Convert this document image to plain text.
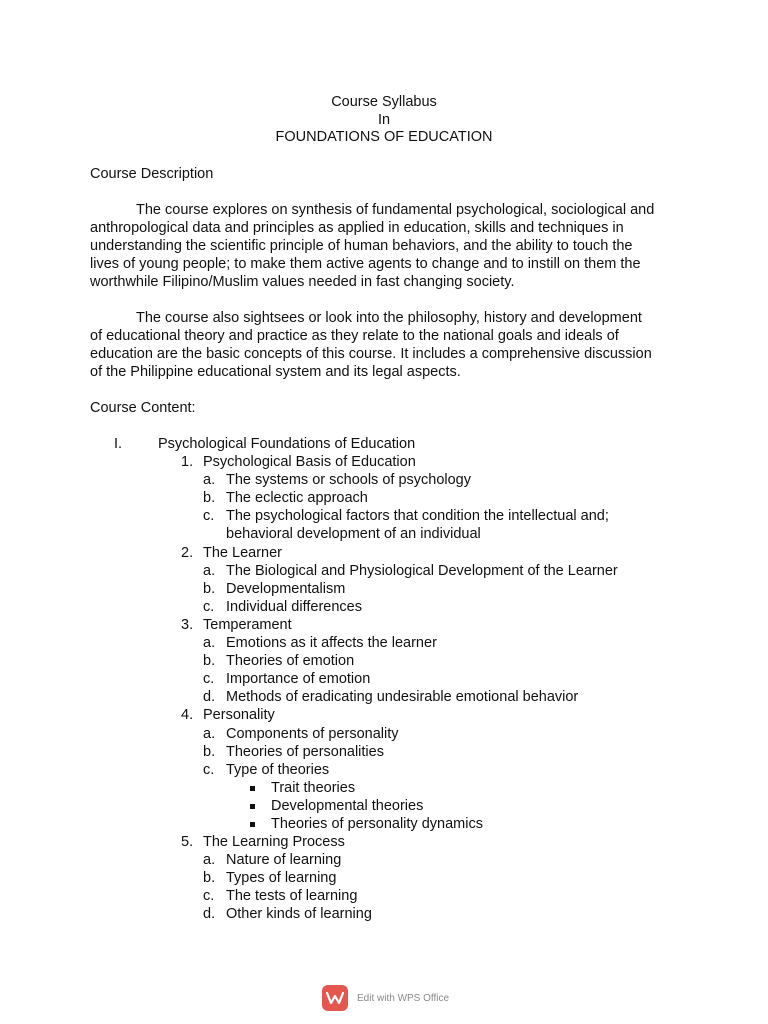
Course Syllabus
In
FOUNDATIONS OF EDUCATION
Course Description
The course explores on synthesis of fundamental psychological, sociological and
anthropological data and principles as applied in education, skills and techniques in
understanding the scientific principle of human behaviors, and the ability to touch the
lives of young people; to make them active agents to change and to instill on them the
worthwhile Filipino/Muslim values needed in fast changing society.
The course also sightsees or look into the philosophy, history and development
of educational theory and practice as they relate to the national goals and ideals of
education are the basic concepts of this course. It includes a comprehensive discussion
of the Philippine educational system and its legal aspects.
Course Content:
I. Psychological Foundations of Education
1. Psychological Basis of Education
a. The systems or schools of psychology
b. The eclectic approach
c. The psychological factors that condition the intellectual and;
behavioral development of an individual
2. The Learner
a. The Biological and Physiological Development of the Learner
b. Developmentalism
c. Individual differences
3. Temperament
a. Emotions as it affects the learner
b. Theories of emotion
c. Importance of emotion
d. Methods of eradicating undesirable emotional behavior
4. Personality
a. Components of personality
b. Theories of personalities
c. Type of theories
Trait theories
Developmental theories
Theories of personality dynamics
5. The Learning Process
a. Nature of learning
b. Types of learning
c. The tests of learning
d. Other kinds of learning
Edit with WPS Office
